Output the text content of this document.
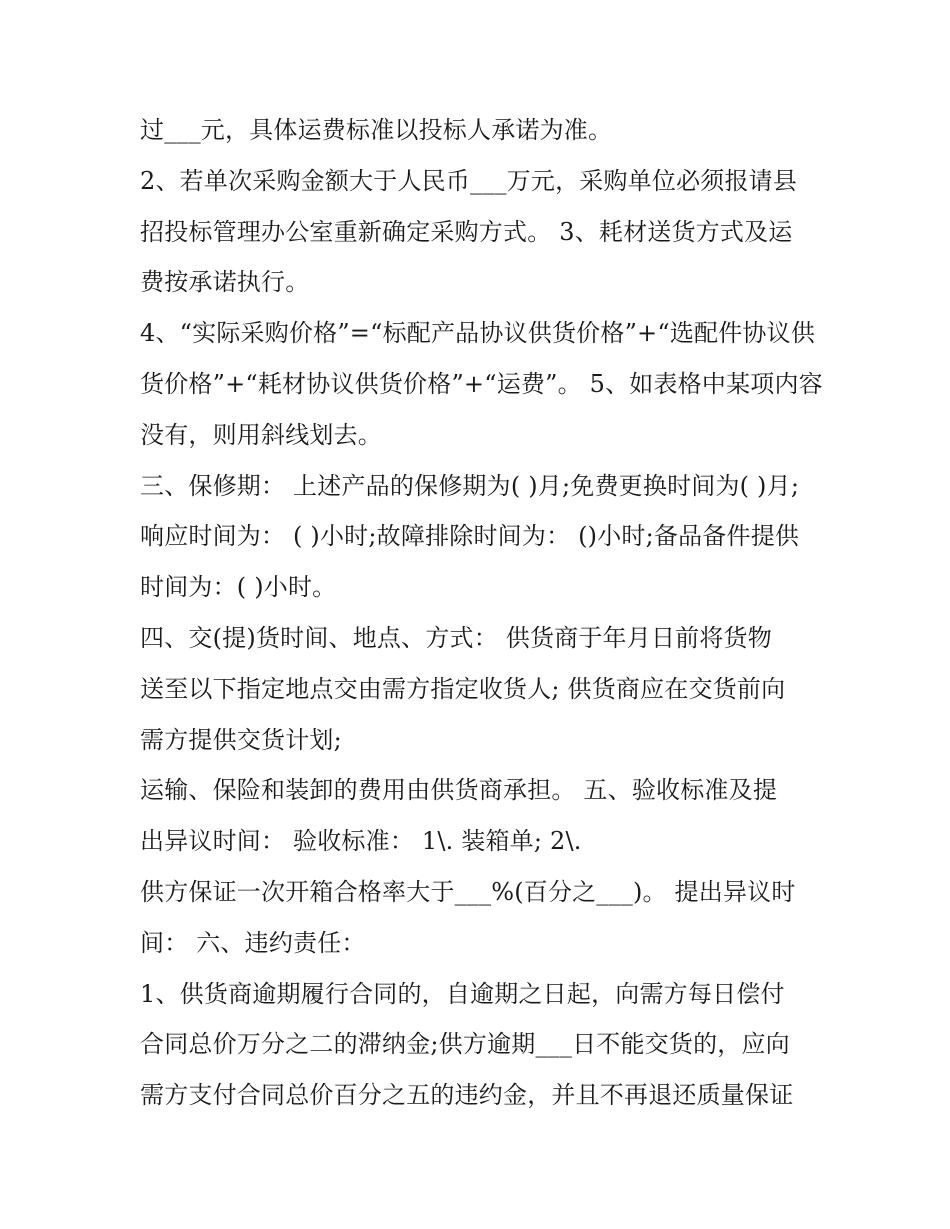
过___元，具体运费标准以投标人承诺为准。
2、若单次采购金额大于人民币___万元，采购单位必须报请县
招投标管理办公室重新确定采购方式。 3、耗材送货方式及运
费按承诺执行。
4、“实际采购价格”=“标配产品协议供货价格”+“选配件协议供
货价格”+“耗材协议供货价格”+“运费”。 5、如表格中某项内容
没有，则用斜线划去。
三、保修期： 上述产品的保修期为( )月;免费更换时间为( )月;
响应时间为： ( )小时;故障排除时间为： ()小时;备品备件提供
时间为：( )小时。
四、交(提)货时间、地点、方式： 供货商于年月日前将货物
送至以下指定地点交由需方指定收货人; 供货商应在交货前向
需方提供交货计划;
运输、保险和装卸的费用由供货商承担。 五、验收标准及提
出异议时间： 验收标准： 1\. 装箱单; 2\.
供方保证一次开箱合格率大于___%(百分之___)。 提出异议时
间： 六、违约责任：
1、供货商逾期履行合同的，自逾期之日起，向需方每日偿付
合同总价万分之二的滞纳金;供方逾期___日不能交货的，应向
需方支付合同总价百分之五的违约金，并且不再退还质量保证
